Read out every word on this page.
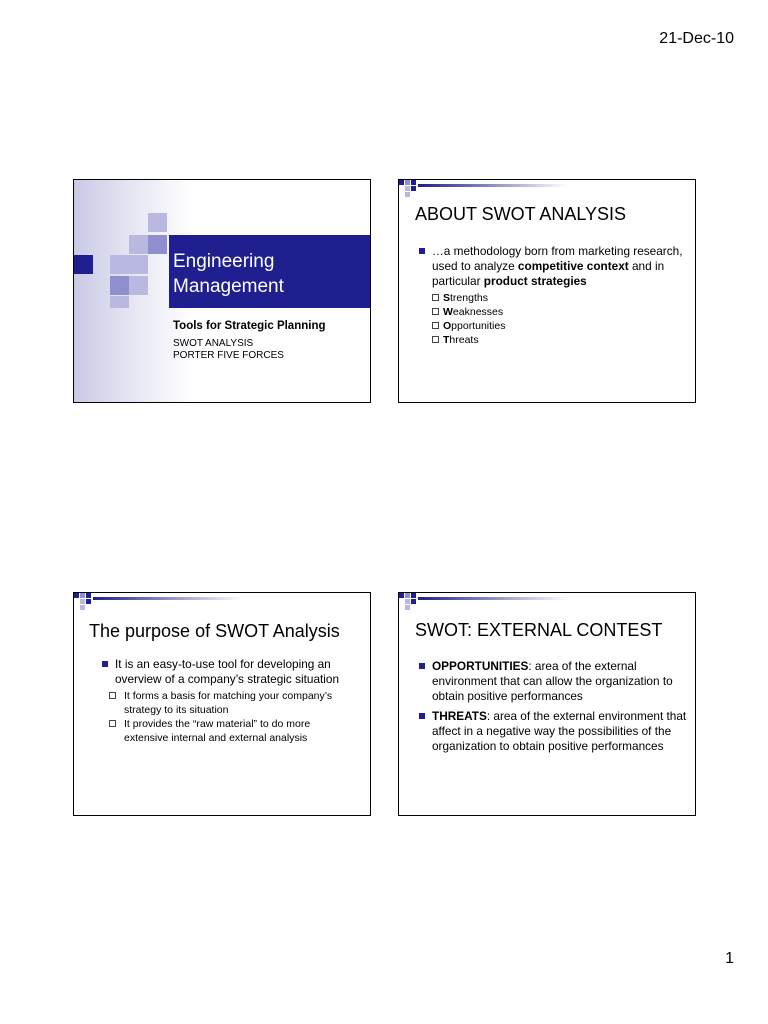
21-Dec-10
Engineering
Management
Tools for Strategic Planning
SWOT ANALYSIS
PORTER FIVE FORCES
ABOUT SWOT ANALYSIS
…a methodology born from marketing research, used to analyze competitive context and in particular product strategies
Strengths
Weaknesses
Opportunities
Threats
The purpose of SWOT Analysis
It is an easy-to-use tool for developing an overview of a company’s strategic situation
It forms a basis for matching your company’s strategy to its situation
It provides the “raw material” to do more extensive internal and external analysis
SWOT: EXTERNAL CONTEST
OPPORTUNITIES: area of the external environment that can allow the organization to obtain positive performances
THREATS: area of the external environment that affect in a negative way the possibilities of the organization to obtain positive performances
1
